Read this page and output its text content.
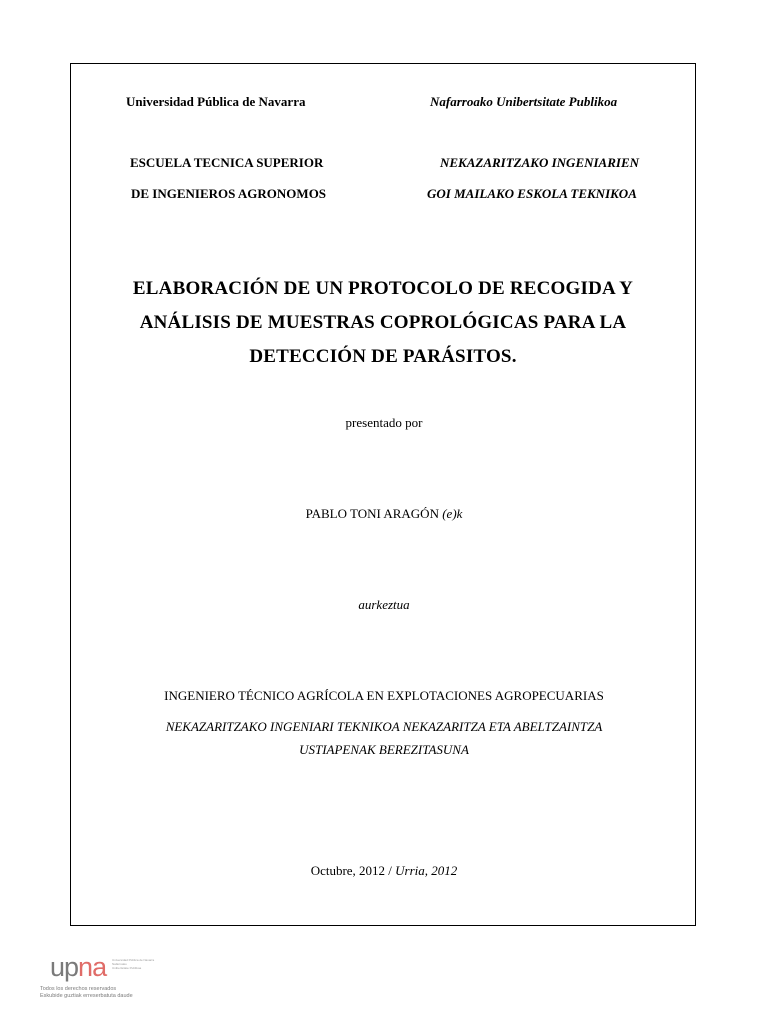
Universidad Pública de Navarra	Nafarroako Unibertsitate Publikoa
ESCUELA TECNICA SUPERIOR
DE INGENIEROS AGRONOMOS
NEKAZARITZAKO INGENIARIEN
GOI MAILAKO ESKOLA TEKNIKOA
ELABORACIÓN DE UN PROTOCOLO DE RECOGIDA Y
ANÁLISIS DE MUESTRAS COPROLÓGICAS PARA LA
DETECCIÓN DE PARÁSITOS.
presentado por
PABLO TONI ARAGÓN (e)k
aurkeztua
INGENIERO TÉCNICO AGRÍCOLA EN EXPLOTACIONES AGROPECUARIAS
NEKAZARITZAKO INGENIARI TEKNIKOA NEKAZARITZA ETA ABELTZAINTZA
USTIAPENAK BEREZITASUNA
Octubre, 2012 / Urria, 2012
upna Universidad Pública de Navarra
Nafarroako
Unibertsitate Publikoa
Todos los derechos reservados
Eskubide guztiak erreserbatuta daude
